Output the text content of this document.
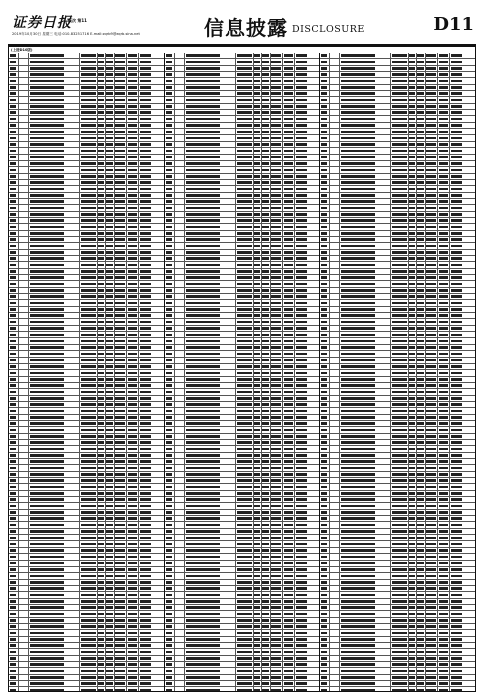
证券日报
版次 第11
2019年10月30日 星期三 电话:010-83251716 E-mail:zqrb9@zqrb.sina.net	信息披露 DISCLOSURE	D11
(上接D10版)
